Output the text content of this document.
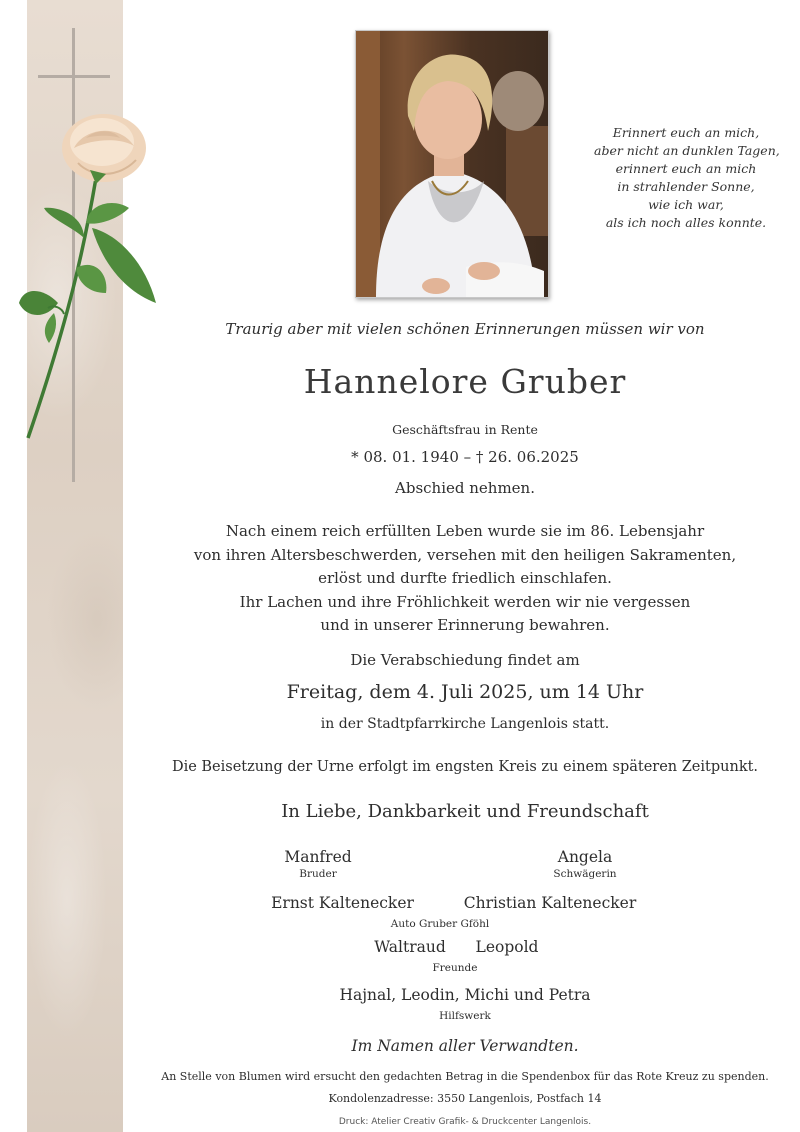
Erinnert euch an mich,
aber nicht an dunklen Tagen,
erinnert euch an mich
in strahlender Sonne,
wie ich war,
als ich noch alles konnte.
Traurig aber mit vielen schönen Erinnerungen müssen wir von
Hannelore Gruber
Geschäftsfrau in Rente
* 08. 01. 1940 – † 26. 06.2025
Abschied nehmen.
Nach einem reich erfüllten Leben wurde sie im 86. Lebensjahr
von ihren Altersbeschwerden, versehen mit den heiligen Sakramenten,
erlöst und durfte friedlich einschlafen.
Ihr Lachen und ihre Fröhlichkeit werden wir nie vergessen
und in unserer Erinnerung bewahren.
Die Verabschiedung findet am
Freitag, dem 4. Juli 2025, um 14 Uhr
in der Stadtpfarrkirche Langenlois statt.
Die Beisetzung der Urne erfolgt im engsten Kreis zu einem späteren Zeitpunkt.
In Liebe, Dankbarkeit und Freundschaft
Manfred
Bruder
Angela
Schwägerin
Ernst Kaltenecker	Christian Kaltenecker
Auto Gruber Gföhl
Waltraud	Leopold
Freunde
Hajnal, Leodin, Michi und Petra
Hilfswerk
Im Namen aller Verwandten.
An Stelle von Blumen wird ersucht den gedachten Betrag in die Spendenbox für das Rote Kreuz zu spenden.
Kondolenzadresse: 3550 Langenlois, Postfach 14
Druck: Atelier Creativ Grafik- & Druckcenter Langenlois.
